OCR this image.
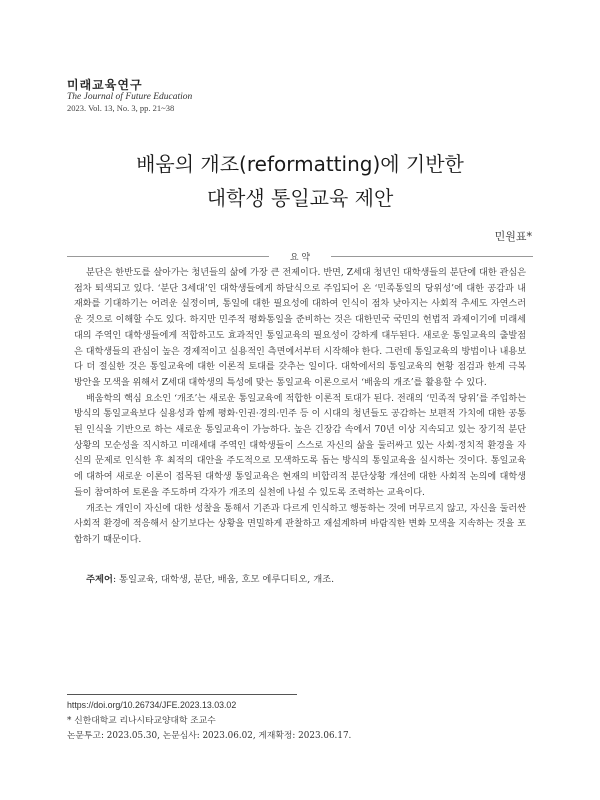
미래교육연구
The Journal of Future Education
2023. Vol. 13, No. 3, pp. 21~38
배움의 개조(reformatting)에 기반한
대학생 통일교육 제안
민원표*
요 약

분단은 한반도를 살아가는 청년들의 삶에 가장 큰 전제이다. 반면, Z세대 청년인 대학생들의 분단에 대한 관심은 점차 퇴색되고 있다. ‘분단 3세대’인 대학생들에게 하달식으로 주입되어 온 ‘민족통일의 당위성’에 대한 공감과 내재화를 기대하기는 어려운 실정이며, 통일에 대한 필요성에 대하여 인식이 점차 낮아지는 사회적 추세도 자연스러운 것으로 이해할 수도 있다. 하지만 민주적 평화통일을 준비하는 것은 대한민국 국민의 헌법적 과제이기에 미래세대의 주역인 대학생들에게 적합하고도 효과적인 통일교육의 필요성이 강하게 대두된다. 새로운 통일교육의 출발점은 대학생들의 관심이 높은 경제적이고 실용적인 측면에서부터 시작해야 한다. 그런데 통일교육의 방법이나 내용보다 더 절실한 것은 통일교육에 대한 이론적 토대를 갖추는 일이다. 대학에서의 통일교육의 현황 점검과 한계 극복 방안을 모색을 위해서 Z세대 대학생의 특성에 맞는 통일교육 이론으로서 ‘배움의 개조’를 활용할 수 있다.

배움학의 핵심 요소인 ‘개조’는 새로운 통일교육에 적합한 이론적 토대가 된다. 전래의 ‘민족적 당위’를 주입하는 방식의 통일교육보다 실용성과 함께 평화·인권·경의·민주 등 이 시대의 청년들도 공감하는 보편적 가치에 대한 공통된 인식을 기반으로 하는 새로운 통일교육이 가능하다. 높은 긴장감 속에서 70년 이상 지속되고 있는 장기적 분단상황의 모순성을 직시하고 미래세대 주역인 대학생들이 스스로 자신의 삶을 둘러싸고 있는 사회·정치적 환경을 자신의 문제로 인식한 후 최적의 대안을 주도적으로 모색하도록 돕는 방식의 통일교육을 실시하는 것이다. 통일교육에 대하여 새로운 이론이 접목된 대학생 통일교육은 현재의 비합리적 분단상황 개선에 대한 사회적 논의에 대학생들이 참여하여 토론을 주도하며 각자가 개조의 실천에 나설 수 있도록 조력하는 교육이다.

개조는 개인이 자신에 대한 성찰을 통해서 기존과 다르게 인식하고 행동하는 것에 머무르지 않고, 자신을 둘러싼 사회적 환경에 적응해서 살기보다는 상황을 면밀하게 관찰하고 재설계하며 바람직한 변화 모색을 지속하는 것을 포함하기 때문이다.

주제어: 통일교육, 대학생, 분단, 배움, 호모 에루디티오, 개조.
https://doi.org/10.26734/JFE.2023.13.03.02
* 신한대학교 리나시타교양대학 조교수
논문투고: 2023.05.30, 논문심사: 2023.06.02, 게재확정: 2023.06.17.
